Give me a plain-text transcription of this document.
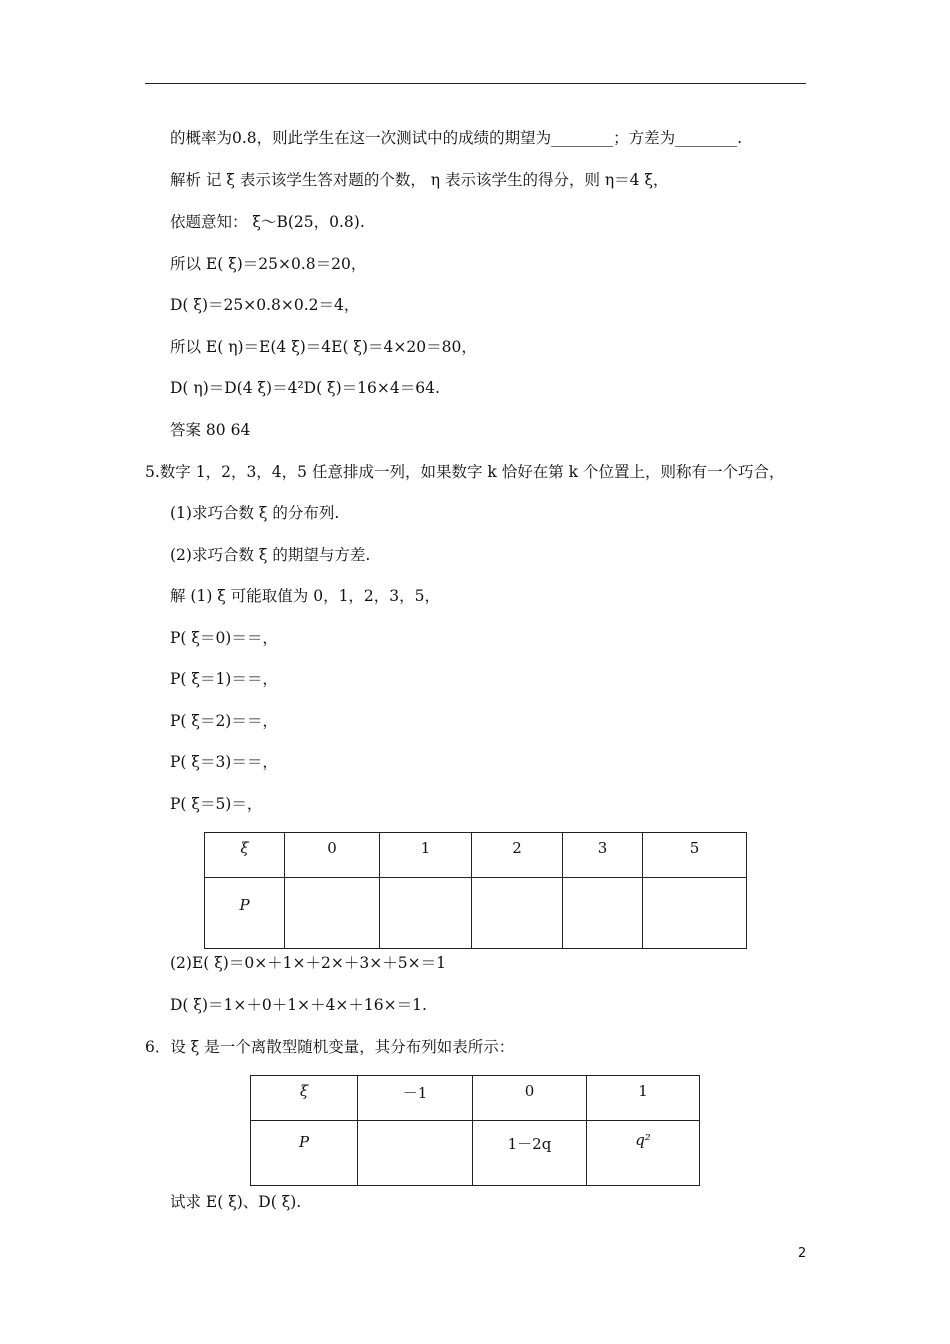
的概率为0.8，则此学生在这一次测试中的成绩的期望为________；方差为________.
解析 记 ξ 表示该学生答对题的个数， η 表示该学生的得分，则 η＝4 ξ，
依题意知： ξ～B(25，0.8).
所以 E( ξ)＝25×0.8＝20，
D( ξ)＝25×0.8×0.2＝4，
所以 E( η)＝E(4 ξ)＝4E( ξ)＝4×20＝80，
D( η)＝D(4 ξ)＝4²D( ξ)＝16×4＝64.
答案 80 64
5.数字 1，2，3，4，5 任意排成一列，如果数字 k 恰好在第 k 个位置上，则称有一个巧合，
(1)求巧合数 ξ 的分布列.
(2)求巧合数 ξ 的期望与方差.
解 (1) ξ 可能取值为 0，1，2，3，5，
P( ξ＝0)＝＝，
P( ξ＝1)＝＝，
P( ξ＝2)＝＝，
P( ξ＝3)＝＝，
P( ξ＝5)＝，
ξ	0	1	2	3	5
P					
(2)E( ξ)＝0×＋1×＋2×＋3×＋5×＝1
D( ξ)＝1×＋0＋1×＋4×＋16×＝1.
6．设 ξ 是一个离散型随机变量，其分布列如表所示：
ξ	－1	0	1
P		1－2q	q²
试求 E( ξ)、D( ξ).
2
